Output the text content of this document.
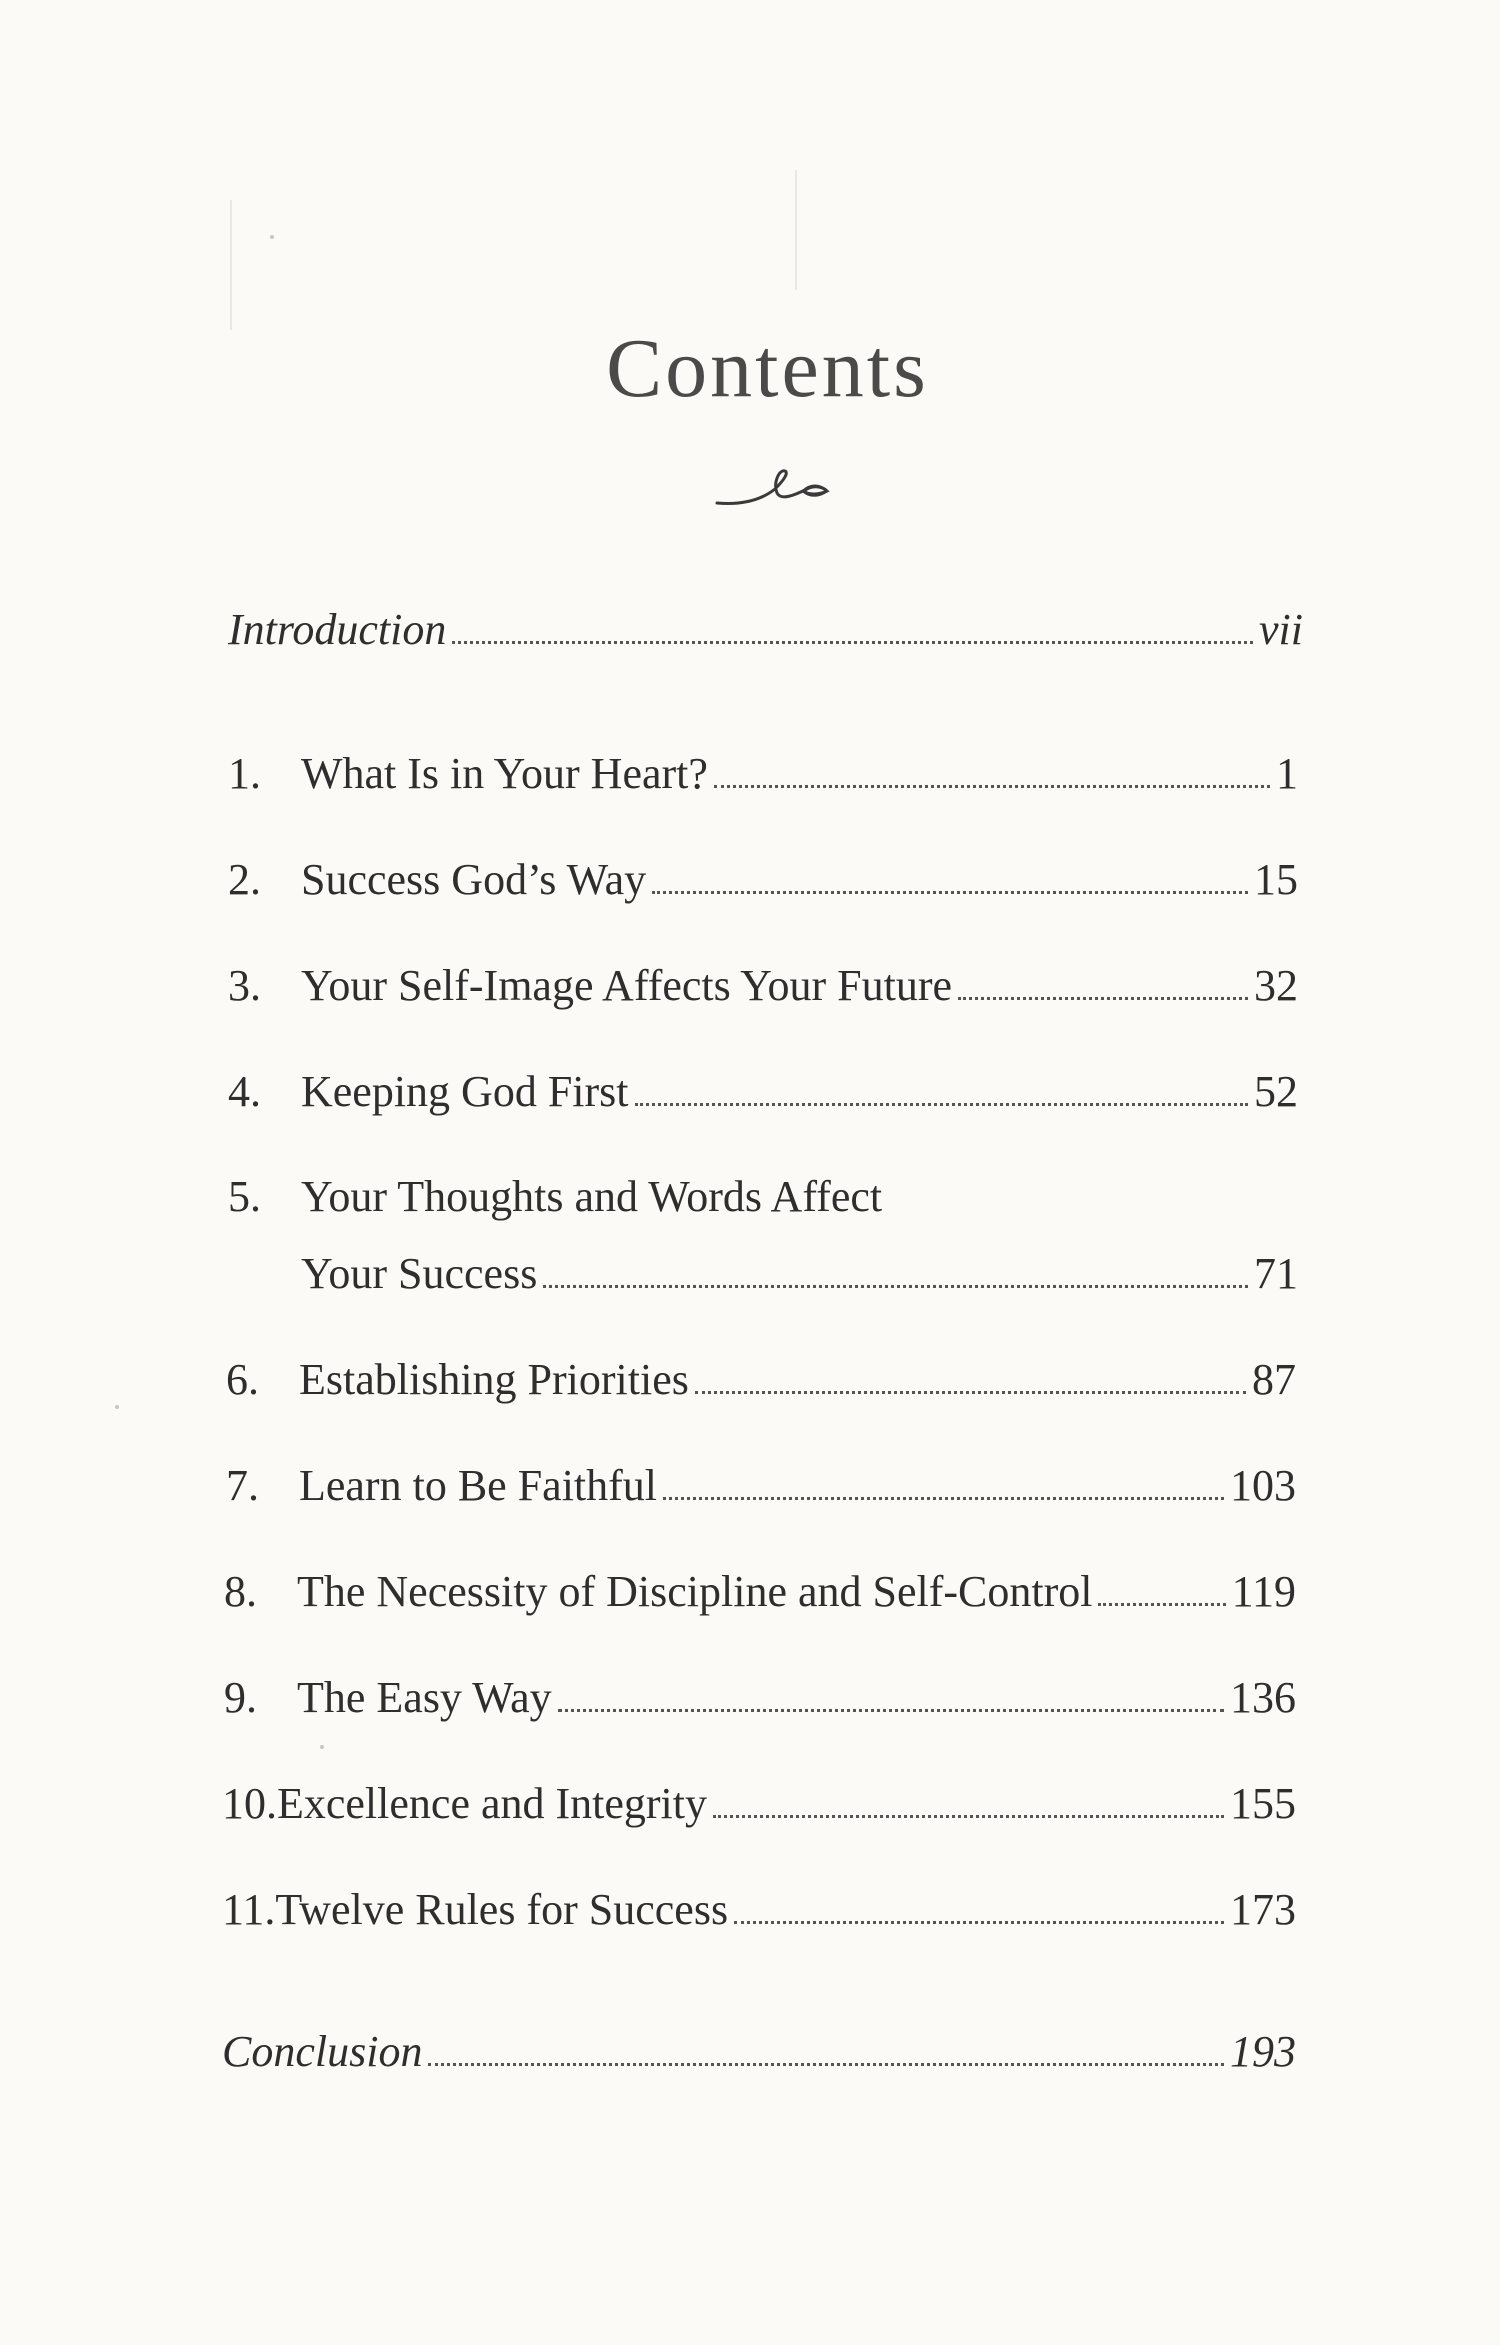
Contents
Introduction	vii
1. What Is in Your Heart?	1
2. Success God’s Way	15
3. Your Self-Image Affects Your Future	32
4. Keeping God First	52
5. Your Thoughts and Words Affect
Your Success	71
6. Establishing Priorities	87
7. Learn to Be Faithful	103
8. The Necessity of Discipline and Self-Control	119
9. The Easy Way	136
10. Excellence and Integrity	155
11. Twelve Rules for Success	173
Conclusion	193
